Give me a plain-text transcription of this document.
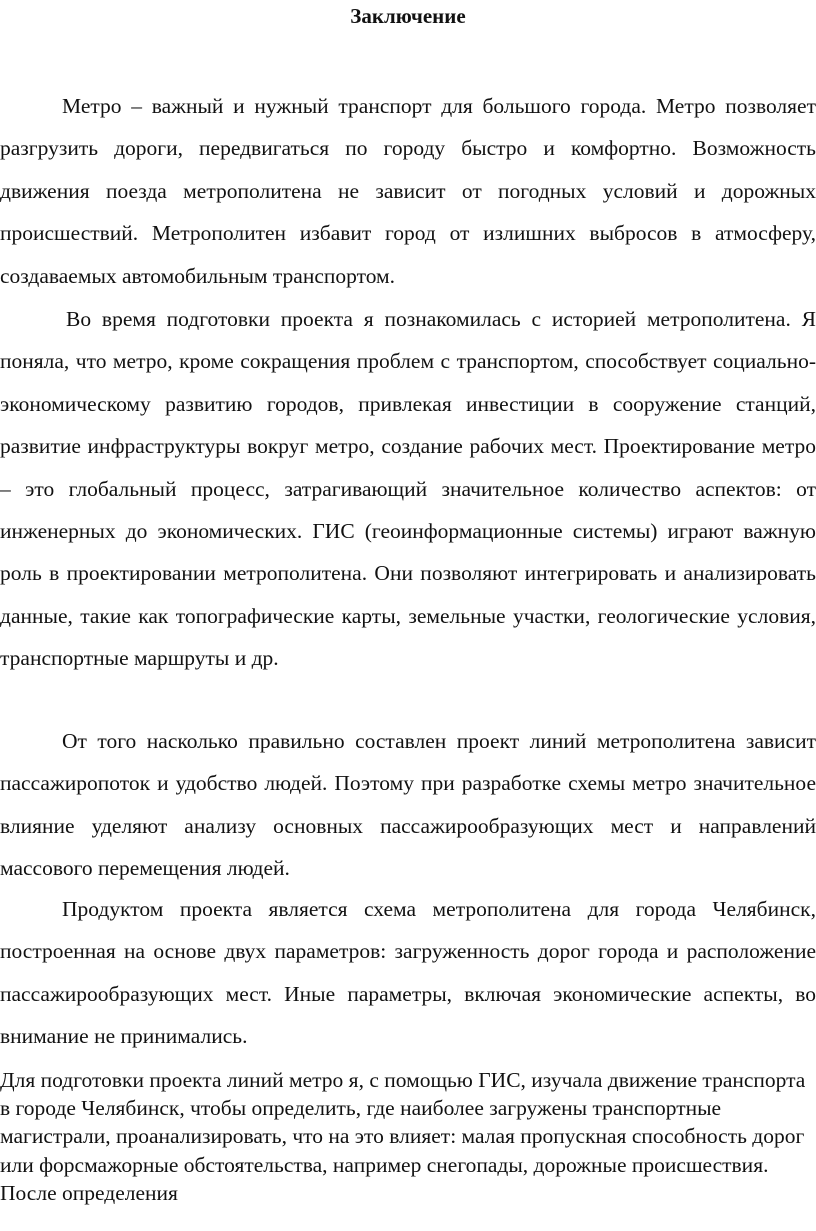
Заключение

Метро – важный и нужный транспорт для большого города. Метро позволяет разгрузить дороги, передвигаться по городу быстро и комфортно. Возможность движения поезда метрополитена не зависит от погодных условий и дорожных происшествий. Метрополитен избавит город от излишних выбросов в атмосферу, создаваемых автомобильным транспортом.

Во время подготовки проекта я познакомилась с историей метрополитена. Я поняла, что метро, кроме сокращения проблем с транспортом, способствует социально-экономическому развитию городов, привлекая инвестиции в сооружение станций, развитие инфраструктуры вокруг метро, создание рабочих мест. Проектирование метро – это глобальный процесс, затрагивающий значительное количество аспектов: от инженерных до экономических. ГИС (геоинформационные системы) играют важную роль в проектировании метрополитена. Они позволяют интегрировать и анализировать данные, такие как топографические карты, земельные участки, геологические условия, транспортные маршруты и др.

От того насколько правильно составлен проект линий метрополитена зависит пассажиропоток и удобство людей. Поэтому при разработке схемы метро значительное влияние уделяют анализу основных пассажирообразующих мест и направлений массового перемещения людей.

Продуктом проекта является схема метрополитена для города Челябинск, построенная на основе двух параметров: загруженность дорог города и расположение пассажирообразующих мест. Иные параметры, включая экономические аспекты, во внимание не принимались.

Для подготовки проекта линий метро я, с помощью ГИС, изучала движение транспорта в городе Челябинск, чтобы определить, где наиболее загружены транспортные магистрали, проанализировать, что на это влияет: малая пропускная способность дорог или форсмажорные обстоятельства, например снегопады, дорожные происшествия. После определения
